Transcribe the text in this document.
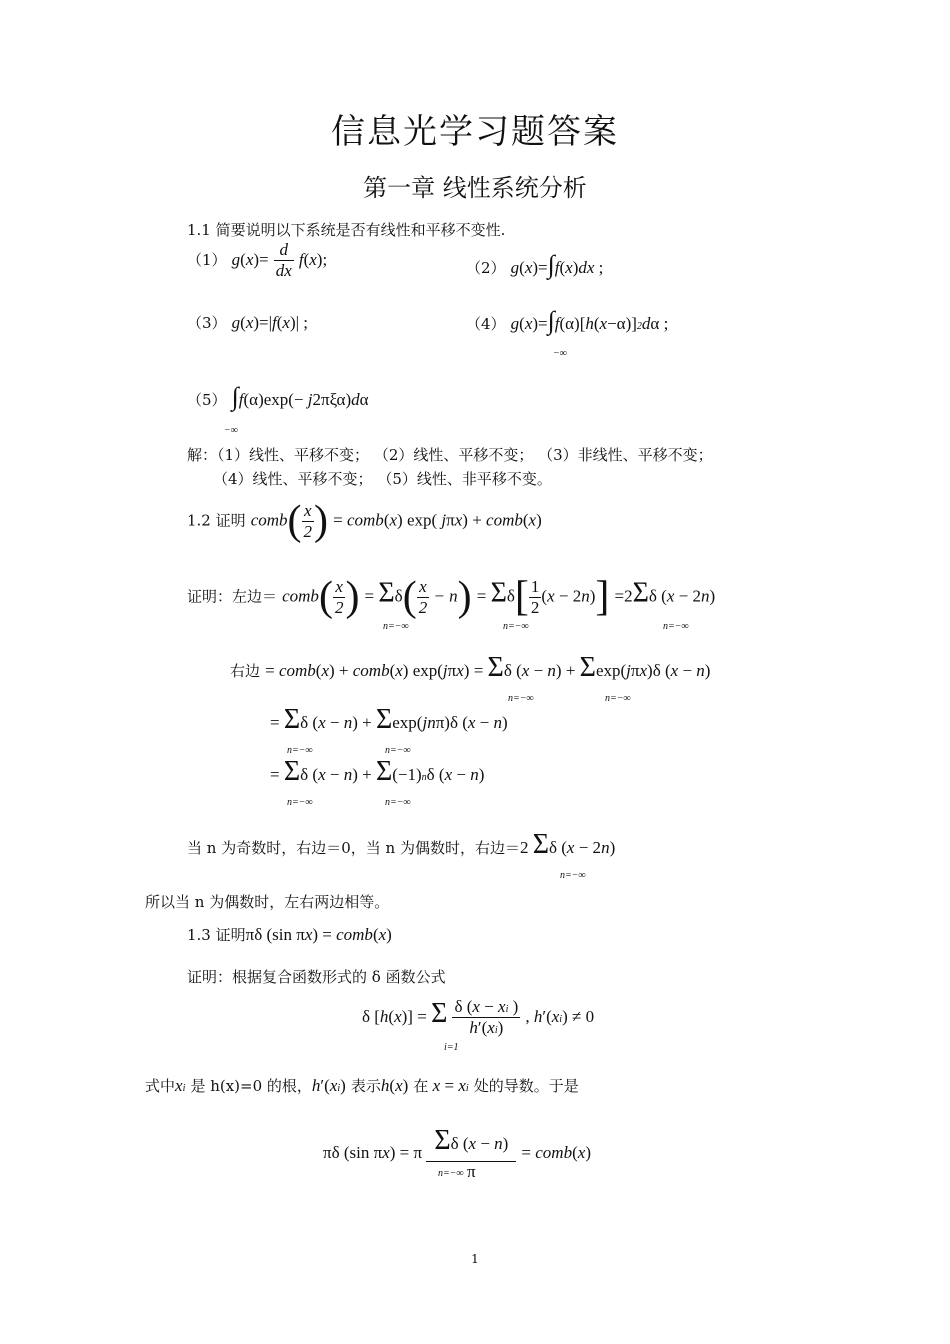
信息光学习题答案
第一章 线性系统分析
1.1 简要说明以下系统是否有线性和平移不变性.
（1） $g(x)= \frac{d}{dx} f(x)$;	（2） g(x)=∫f(x)dx ;
（3） g(x)=|f(x)| ;	（4） g(x)=∫f(α)[h(x−α)]2dα ;
−∞
（5） ∫f(α)exp(− j2πξα)dα
−∞
解：（1）线性、平移不变； （2）线性、平移不变； （3）非线性、平移不变；
（4）线性、平移不变； （5）线性、非平移不变。
1.2 证明 comb( $\frac{x}{2}$ ) = comb(x) exp( jπx) + comb(x)
证明：左边＝ comb( $\frac{x}{2}$ ) = $\Sigma\delta( \frac{x}{2} - n) = \Sigma\delta[ \frac{1}{2} (x - 2n)] =2\Sigma\delta$ (x − 2n)
n=−∞	n=−∞	n=−∞
右边 = comb(x) + comb(x) exp(jπx) = Σδ (x − n) + Σexp(jπx)δ (x − n)
n=−∞	n=−∞
= Σδ (x − n) + Σexp(jnπ)δ (x − n)
n=−∞	n=−∞
= Σδ (x − n) + Σ(−1)nδ (x − n)
n=−∞	n=−∞
当 n 为奇数时，右边＝0，当 n 为偶数时，右边＝2 Σδ (x − 2n)
n=−∞
所以当 n 为偶数时，左右两边相等。
1.3 证明πδ (sin πx) = comb(x)
证明：根据复合函数形式的 δ 函数公式
δ [h(x)] = Σ $\frac{\delta (x - xi )}{h'(xi)}$ , h′(xi) ≠ 0
i=1
式中xi 是 h(x)=0 的根，h′(xi) 表示h(x) 在 x = xi 处的导数。于是
πδ (sin πx) = π $\frac{\Sigma\delta (x - n)}{\pi}$ = comb(x)
n=−∞
1
